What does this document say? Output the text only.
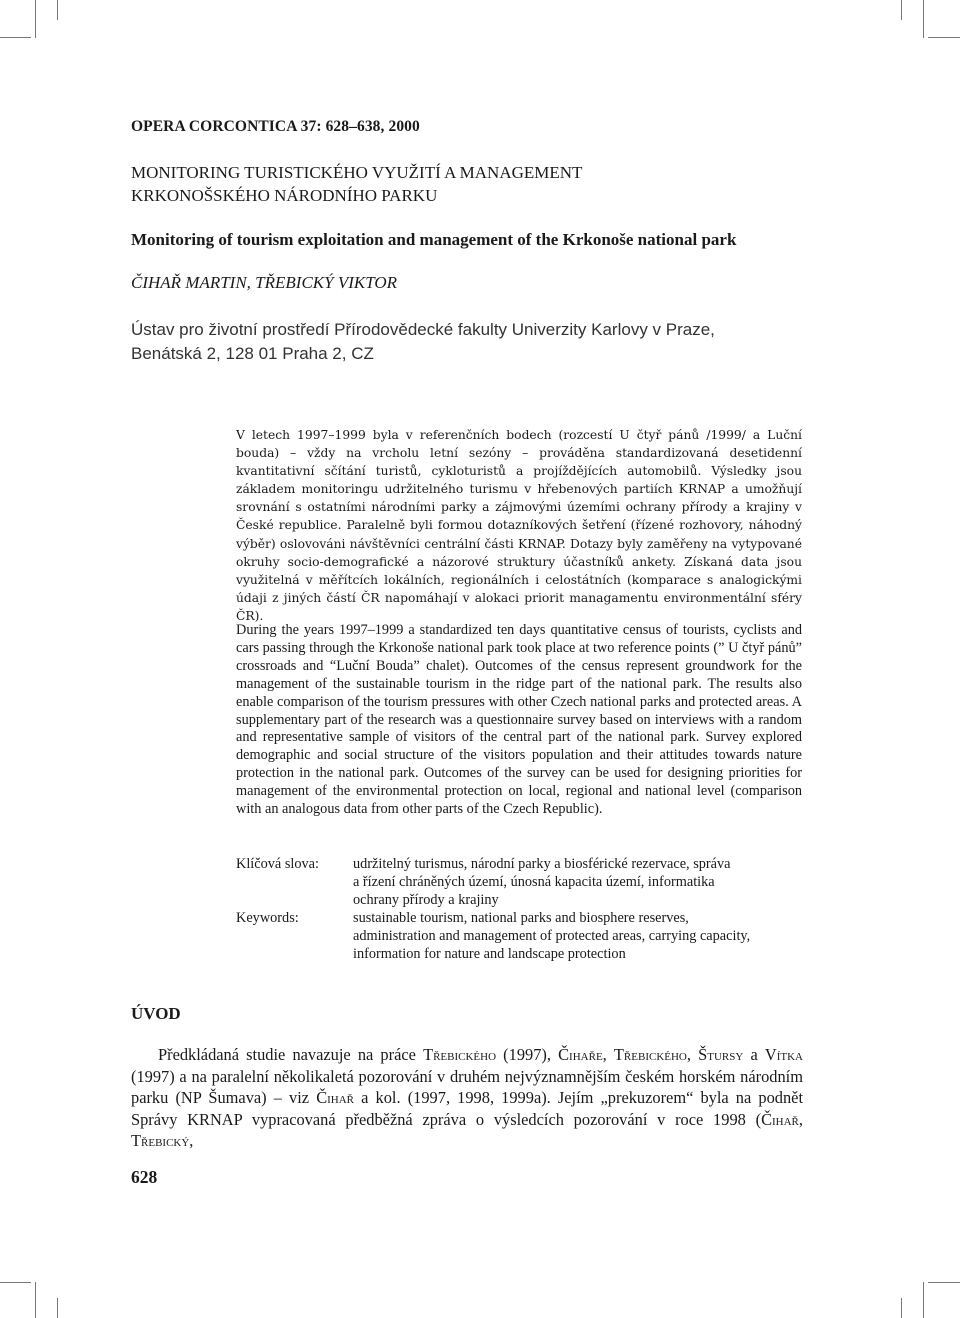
OPERA CORCONTICA 37: 628–638, 2000
MONITORING TURISTICKÉHO VYUŽITÍ A MANAGEMENT
KRKONOŠSKÉHO NÁRODNÍHO PARKU
Monitoring of tourism exploitation and management of the Krkonoše national park
ČIHAŘ MARTIN, TŘEBICKÝ VIKTOR
Ústav pro životní prostředí Přírodovědecké fakulty Univerzity Karlovy v Praze,
Benátská 2, 128 01 Praha 2, CZ
V letech 1997–1999 byla v referenčních bodech (rozcestí U čtyř pánů /1999/ a Luční bouda) – vždy na vrcholu letní sezóny – prováděna standardizovaná desetidenní kvantitativní sčítání turistů, cykloturistů a projíždějících automobilů. Výsledky jsou základem monitoringu udržitelného turismu v hřebenových partiích KRNAP a umožňují srovnání s ostatními národními parky a zájmovými územími ochrany přírody a krajiny v České republice. Paralelně byli formou dotazníkových šetření (řízené rozhovory, náhodný výběr) oslovováni návštěvníci centrální části KRNAP. Dotazy byly zaměřeny na vytypované okruhy socio-demografické a názorové struktury účastníků ankety. Získaná data jsou využitelná v měřítcích lokálních, regionálních i celostátních (komparace s analogickými údaji z jiných částí ČR napomáhají v alokaci priorit managamentu environmentální sféry ČR).
During the years 1997–1999 a standardized ten days quantitative census of tourists, cyclists and cars passing through the Krkonoše national park took place at two reference points (” U čtyř pánů” crossroads and “Luční Bouda” chalet). Outcomes of the census represent groundwork for the management of the sustainable tourism in the ridge part of the national park. The results also enable comparison of the tourism pressures with other Czech national parks and protected areas. A supplementary part of the research was a questionnaire survey based on interviews with a random and representative sample of visitors of the central part of the national park. Survey explored demographic and social structure of the visitors population and their attitudes towards nature protection in the national park. Outcomes of the survey can be used for designing priorities for management of the environmental protection on local, regional and national level (comparison with an analogous data from other parts of the Czech Republic).
Klíčová slova: udržitelný turismus, národní parky a biosférické rezervace, správa
a řízení chráněných území, únosná kapacita území, informatika
ochrany přírody a krajiny
Keywords:	sustainable tourism, national parks and biosphere reserves,
administration and management of protected areas, carrying capacity,
information for nature and landscape protection
ÚVOD

Předkládaná studie navazuje na práce Třebického (1997), Čihaře, Třebického, Štursy a Vítka (1997) a na paralelní několikaletá pozorování v druhém nejvýznamnějším českém horském národním parku (NP Šumava) – viz Čihař a kol. (1997, 1998, 1999a). Jejím „prekuzorem“ byla na podnět Správy KRNAP vypracovaná předběžná zpráva o výsledcích pozorování v roce 1998 (Čihař, Třebický,

628
